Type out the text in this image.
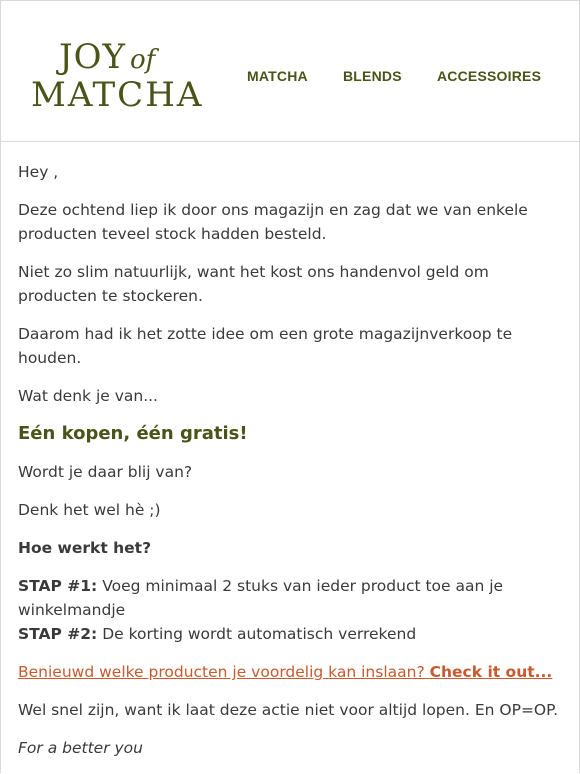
JOY of
MATCHA	MATCHA	BLENDS	ACCESSOIRES

Hey ,

Deze ochtend liep ik door ons magazijn en zag dat we van enkele producten teveel stock hadden besteld.

Niet zo slim natuurlijk, want het kost ons handenvol geld om producten te stockeren.

Daarom had ik het zotte idee om een grote magazijnverkoop te houden.

Wat denk je van...

Eén kopen, één gratis!

Wordt je daar blij van?

Denk het wel hè ;)

Hoe werkt het?

STAP #1: Voeg minimaal 2 stuks van ieder product toe aan je winkelmandje
STAP #2: De korting wordt automatisch verrekend

Benieuwd welke producten je voordelig kan inslaan? Check it out...

Wel snel zijn, want ik laat deze actie niet voor altijd lopen. En OP=OP.

For a better you
